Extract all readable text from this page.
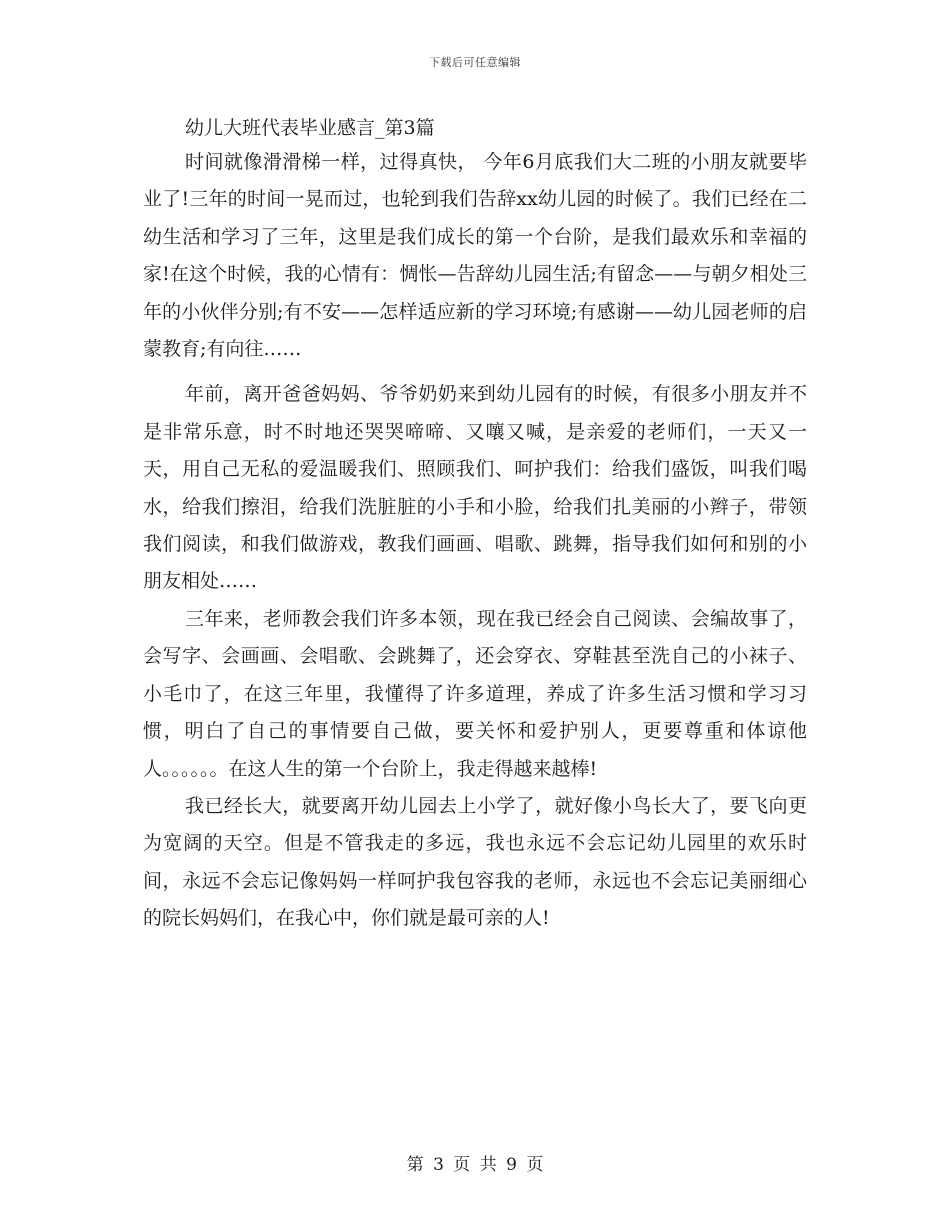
下载后可任意编辑
幼儿大班代表毕业感言_第3篇

时间就像滑滑梯一样，过得真快， 今年6月底我们大二班的小朋友就要毕业了!三年的时间一晃而过，也轮到我们告辞xx幼儿园的时候了。我们已经在二幼生活和学习了三年，这里是我们成长的第一个台阶，是我们最欢乐和幸福的家!在这个时候，我的心情有：惆怅—告辞幼儿园生活;有留念——与朝夕相处三年的小伙伴分别;有不安——怎样适应新的学习环境;有感谢——幼儿园老师的启蒙教育;有向往……

年前，离开爸爸妈妈、爷爷奶奶来到幼儿园有的时候，有很多小朋友并不是非常乐意，时不时地还哭哭啼啼、又嚷又喊，是亲爱的老师们，一天又一天，用自己无私的爱温暖我们、照顾我们、呵护我们：给我们盛饭，叫我们喝水，给我们擦泪，给我们洗脏脏的小手和小脸，给我们扎美丽的小辫子，带领我们阅读，和我们做游戏，教我们画画、唱歌、跳舞，指导我们如何和别的小朋友相处……

三年来，老师教会我们许多本领，现在我已经会自己阅读、会编故事了，会写字、会画画、会唱歌、会跳舞了，还会穿衣、穿鞋甚至洗自己的小袜子、小毛巾了，在这三年里，我懂得了许多道理，养成了许多生活习惯和学习习惯，明白了自己的事情要自己做，要关怀和爱护别人，更要尊重和体谅他人。。。。。。在这人生的第一个台阶上，我走得越来越棒!

我已经长大，就要离开幼儿园去上小学了，就好像小鸟长大了，要飞向更为宽阔的天空。但是不管我走的多远，我也永远不会忘记幼儿园里的欢乐时间，永远不会忘记像妈妈一样呵护我包容我的老师，永远也不会忘记美丽细心的院长妈妈们，在我心中，你们就是最可亲的人!

第 3 页 共 9 页
